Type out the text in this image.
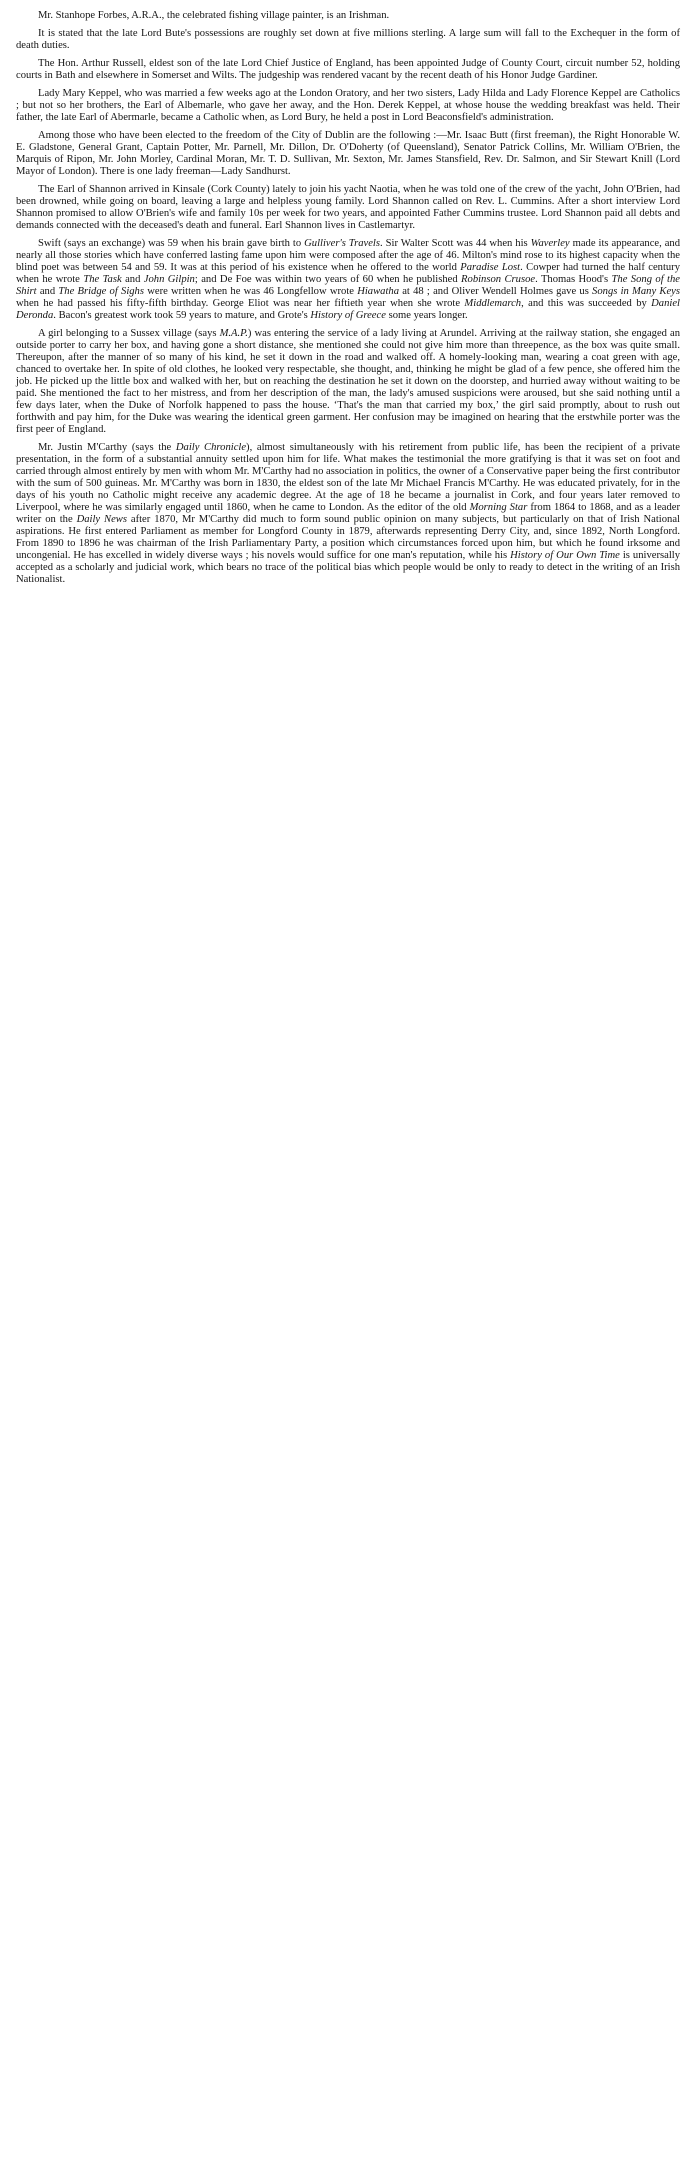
Mr. Stanhope Forbes, A.R.A., the celebrated fishing village painter, is an Irishman.

It is stated that the late Lord Bute's possessions are roughly set down at five millions sterling. A large sum will fall to the Exchequer in the form of death duties.

The Hon. Arthur Russell, eldest son of the late Lord Chief Justice of England, has been appointed Judge of County Court, circuit number 52, holding courts in Bath and elsewhere in Somerset and Wilts. The judgeship was rendered vacant by the recent death of his Honor Judge Gardiner.

Lady Mary Keppel, who was married a few weeks ago at the London Oratory, and her two sisters, Lady Hilda and Lady Florence Keppel are Catholics ; but not so her brothers, the Earl of Albemarle, who gave her away, and the Hon. Derek Keppel, at whose house the wedding breakfast was held. Their father, the late Earl of Abermarle, became a Catholic when, as Lord Bury, he held a post in Lord Beaconsfield's administration.

Among those who have been elected to the freedom of the City of Dublin are the following :—Mr. Isaac Butt (first freeman), the Right Honorable W. E. Gladstone, General Grant, Captain Potter, Mr. Parnell, Mr. Dillon, Dr. O'Doherty (of Queensland), Senator Patrick Collins, Mr. William O'Brien, the Marquis of Ripon, Mr. John Morley, Cardinal Moran, Mr. T. D. Sullivan, Mr. Sexton, Mr. James Stansfield, Rev. Dr. Salmon, and Sir Stewart Knill (Lord Mayor of London). There is one lady freeman—Lady Sandhurst.

The Earl of Shannon arrived in Kinsale (Cork County) lately to join his yacht Naotia, when he was told one of the crew of the yacht, John O'Brien, had been drowned, while going on board, leaving a large and helpless young family. Lord Shannon called on Rev. L. Cummins. After a short interview Lord Shannon promised to allow O'Brien's wife and family 10s per week for two years, and appointed Father Cummins trustee. Lord Shannon paid all debts and demands connected with the deceased's death and funeral. Earl Shannon lives in Castlemartyr.

Swift (says an exchange) was 59 when his brain gave birth to Gulliver's Travels. Sir Walter Scott was 44 when his Waverley made its appearance, and nearly all those stories which have conferred lasting fame upon him were composed after the age of 46. Milton's mind rose to its highest capacity when the blind poet was between 54 and 59. It was at this period of his existence when he offered to the world Paradise Lost. Cowper had turned the half century when he wrote The Task and John Gilpin; and De Foe was within two years of 60 when he published Robinson Crusoe. Thomas Hood's The Song of the Shirt and The Bridge of Sighs were written when he was 46 Longfellow wrote Hiawatha at 48 ; and Oliver Wendell Holmes gave us Songs in Many Keys when he had passed his fifty-fifth birthday. George Eliot was near her fiftieth year when she wrote Middlemarch, and this was succeeded by Daniel Deronda. Bacon's greatest work took 59 years to mature, and Grote's History of Greece some years longer.

A girl belonging to a Sussex village (says M.A.P.) was entering the service of a lady living at Arundel. Arriving at the railway station, she engaged an outside porter to carry her box, and having gone a short distance, she mentioned she could not give him more than threepence, as the box was quite small. Thereupon, after the manner of so many of his kind, he set it down in the road and walked off. A homely-looking man, wearing a coat green with age, chanced to overtake her. In spite of old clothes, he looked very respectable, she thought, and, thinking he might be glad of a few pence, she offered him the job. He picked up the little box and walked with her, but on reaching the destination he set it down on the doorstep, and hurried away without waiting to be paid. She mentioned the fact to her mistress, and from her description of the man, the lady's amused suspicions were aroused, but she said nothing until a few days later, when the Duke of Norfolk happened to pass the house. ‘That's the man that carried my box,’ the girl said promptly, about to rush out forthwith and pay him, for the Duke was wearing the identical green garment. Her confusion may be imagined on hearing that the erstwhile porter was the first peer of England.

Mr. Justin M'Carthy (says the Daily Chronicle), almost simultaneously with his retirement from public life, has been the recipient of a private presentation, in the form of a substantial annuity settled upon him for life. What makes the testimonial the more gratifying is that it was set on foot and carried through almost entirely by men with whom Mr. M'Carthy had no association in politics, the owner of a Conservative paper being the first contributor with the sum of 500 guineas. Mr. M'Carthy was born in 1830, the eldest son of the late Mr Michael Francis M'Carthy. He was educated privately, for in the days of his youth no Catholic might receive any academic degree. At the age of 18 he became a journalist in Cork, and four years later removed to Liverpool, where he was similarly engaged until 1860, when he came to London. As the editor of the old Morning Star from 1864 to 1868, and as a leader writer on the Daily News after 1870, Mr M'Carthy did much to form sound public opinion on many subjects, but particularly on that of Irish National aspirations. He first entered Parliament as member for Longford County in 1879, afterwards representing Derry City, and, since 1892, North Longford. From 1890 to 1896 he was chairman of the Irish Parliamentary Party, a position which circumstances forced upon him, but which he found irksome and uncongenial. He has excelled in widely diverse ways ; his novels would suffice for one man's reputation, while his History of Our Own Time is universally accepted as a scholarly and judicial work, which bears no trace of the political bias which people would be only to ready to detect in the writing of an Irish Nationalist.
